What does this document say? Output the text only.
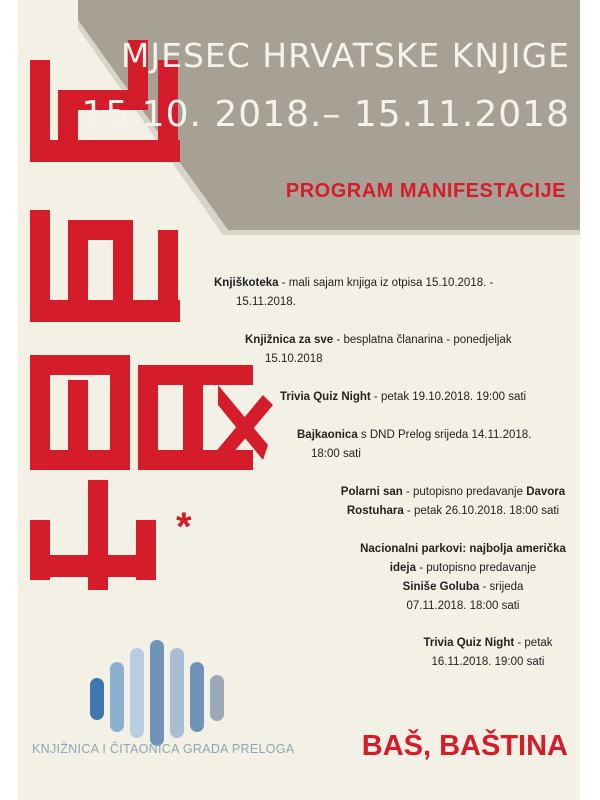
*
MJESEC HRVATSKE KNJIGE
15.10. 2018.– 15.11.2018
PROGRAM MANIFESTACIJE
Knjiškoteka - mali sajam knjiga iz otpisa 15.10.2018. -
15.11.2018.
Knjižnica za sve - besplatna članarina - ponedjeljak
15.10.2018
Trivia Quiz Night - petak 19.10.2018. 19:00 sati
Bajkaonica s DND Prelog srijeda 14.11.2018.
18:00 sati
Polarni san - putopisno predavanje Davora
Rostuhara - petak 26.10.2018. 18:00 sati
Nacionalni parkovi: najbolja američka
ideja - putopisno predavanje
Siniše Goluba - srijeda
07.11.2018. 18:00 sati
Trivia Quiz Night - petak
16.11.2018. 19:00 sati
KNJIŽNICA I ČITAONICA GRADA PRELOGA BAŠ, BAŠTINA
